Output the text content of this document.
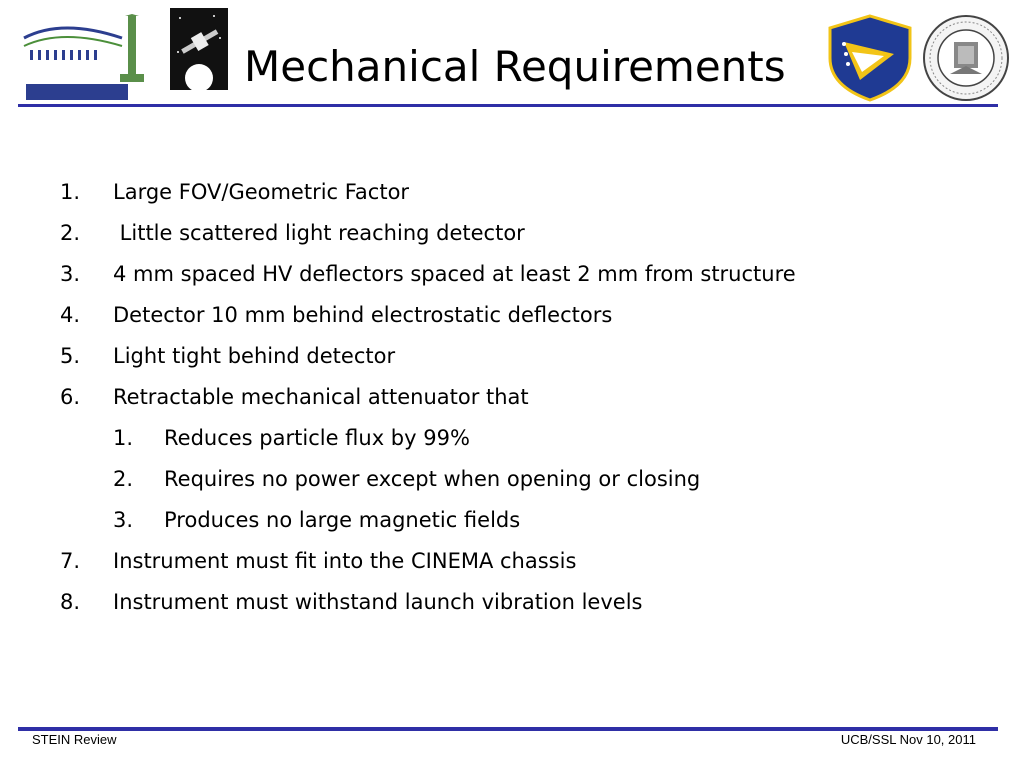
Mechanical Requirements
1. Large FOV/Geometric Factor
2. Little scattered light reaching detector
3. 4 mm spaced HV deflectors spaced at least 2 mm from structure
4. Detector 10 mm behind electrostatic deflectors
5. Light tight behind detector
6. Retractable mechanical attenuator that
1. Reduces particle flux by 99%
2. Requires no power except when opening or closing
3. Produces no large magnetic fields
7. Instrument must fit into the CINEMA chassis
8. Instrument must withstand launch vibration levels
STEIN Review	UCB/SSL Nov 10, 2011
